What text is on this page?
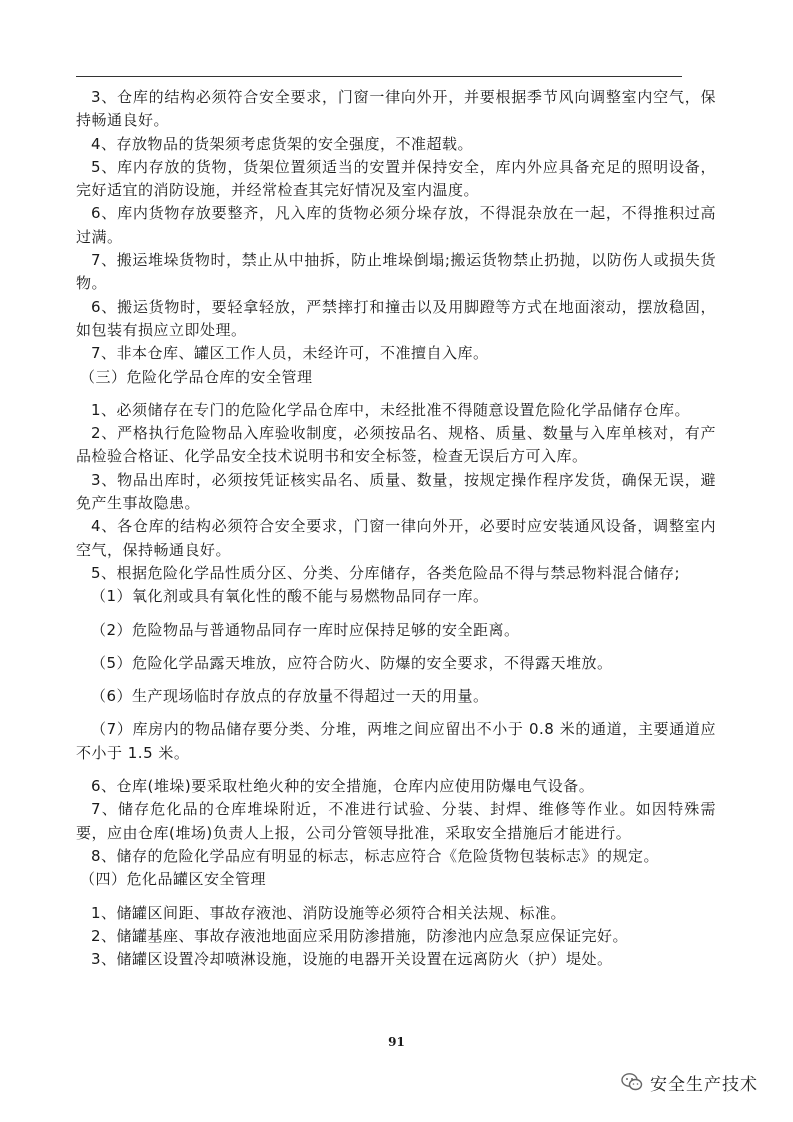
3、仓库的结构必须符合安全要求，门窗一律向外开，并要根据季节风向调整室内空气，保持畅通良好。

4、存放物品的货架须考虑货架的安全强度，不准超载。

5、库内存放的货物，货架位置须适当的安置并保持安全，库内外应具备充足的照明设备，完好适宜的消防设施，并经常检查其完好情况及室内温度。

6、库内货物存放要整齐，凡入库的货物必须分垛存放，不得混杂放在一起，不得推积过高过满。

7、搬运堆垛货物时，禁止从中抽拆，防止堆垛倒塌;搬运货物禁止扔抛，以防伤人或损失货物。

6、搬运货物时，要轻拿轻放，严禁摔打和撞击以及用脚蹬等方式在地面滚动，摆放稳固，如包装有损应立即处理。

7、非本仓库、罐区工作人员，未经许可，不准擅自入库。

（三）危险化学品仓库的安全管理

1、必须储存在专门的危险化学品仓库中，未经批准不得随意设置危险化学品储存仓库。

2、严格执行危险物品入库验收制度，必须按品名、规格、质量、数量与入库单核对，有产品检验合格证、化学品安全技术说明书和安全标签，检查无误后方可入库。

3、物品出库时，必须按凭证核实品名、质量、数量，按规定操作程序发货，确保无误，避免产生事故隐患。

4、各仓库的结构必须符合安全要求，门窗一律向外开，必要时应安装通风设备，调整室内空气，保持畅通良好。

5、根据危险化学品性质分区、分类、分库储存，各类危险品不得与禁忌物料混合储存;

（1）氧化剂或具有氧化性的酸不能与易燃物品同存一库。

（2）危险物品与普通物品同存一库时应保持足够的安全距离。

（5）危险化学品露天堆放，应符合防火、防爆的安全要求，不得露天堆放。

（6）生产现场临时存放点的存放量不得超过一天的用量。

（7）库房内的物品储存要分类、分堆，两堆之间应留出不小于 0.8 米的通道，主要通道应不小于 1.5 米。

6、仓库(堆垛)要采取杜绝火种的安全措施，仓库内应使用防爆电气设备。

7、储存危化品的仓库堆垛附近，不准进行试验、分装、封焊、维修等作业。如因特殊需要，应由仓库(堆场)负责人上报，公司分管领导批准，采取安全措施后才能进行。

8、储存的危险化学品应有明显的标志，标志应符合《危险货物包装标志》的规定。

（四）危化品罐区安全管理

1、储罐区间距、事故存液池、消防设施等必须符合相关法规、标准。

2、储罐基座、事故存液池地面应采用防渗措施，防渗池内应急泵应保证完好。

3、储罐区设置冷却喷淋设施，设施的电器开关设置在远离防火（护）堤处。

91
安全生产技术
